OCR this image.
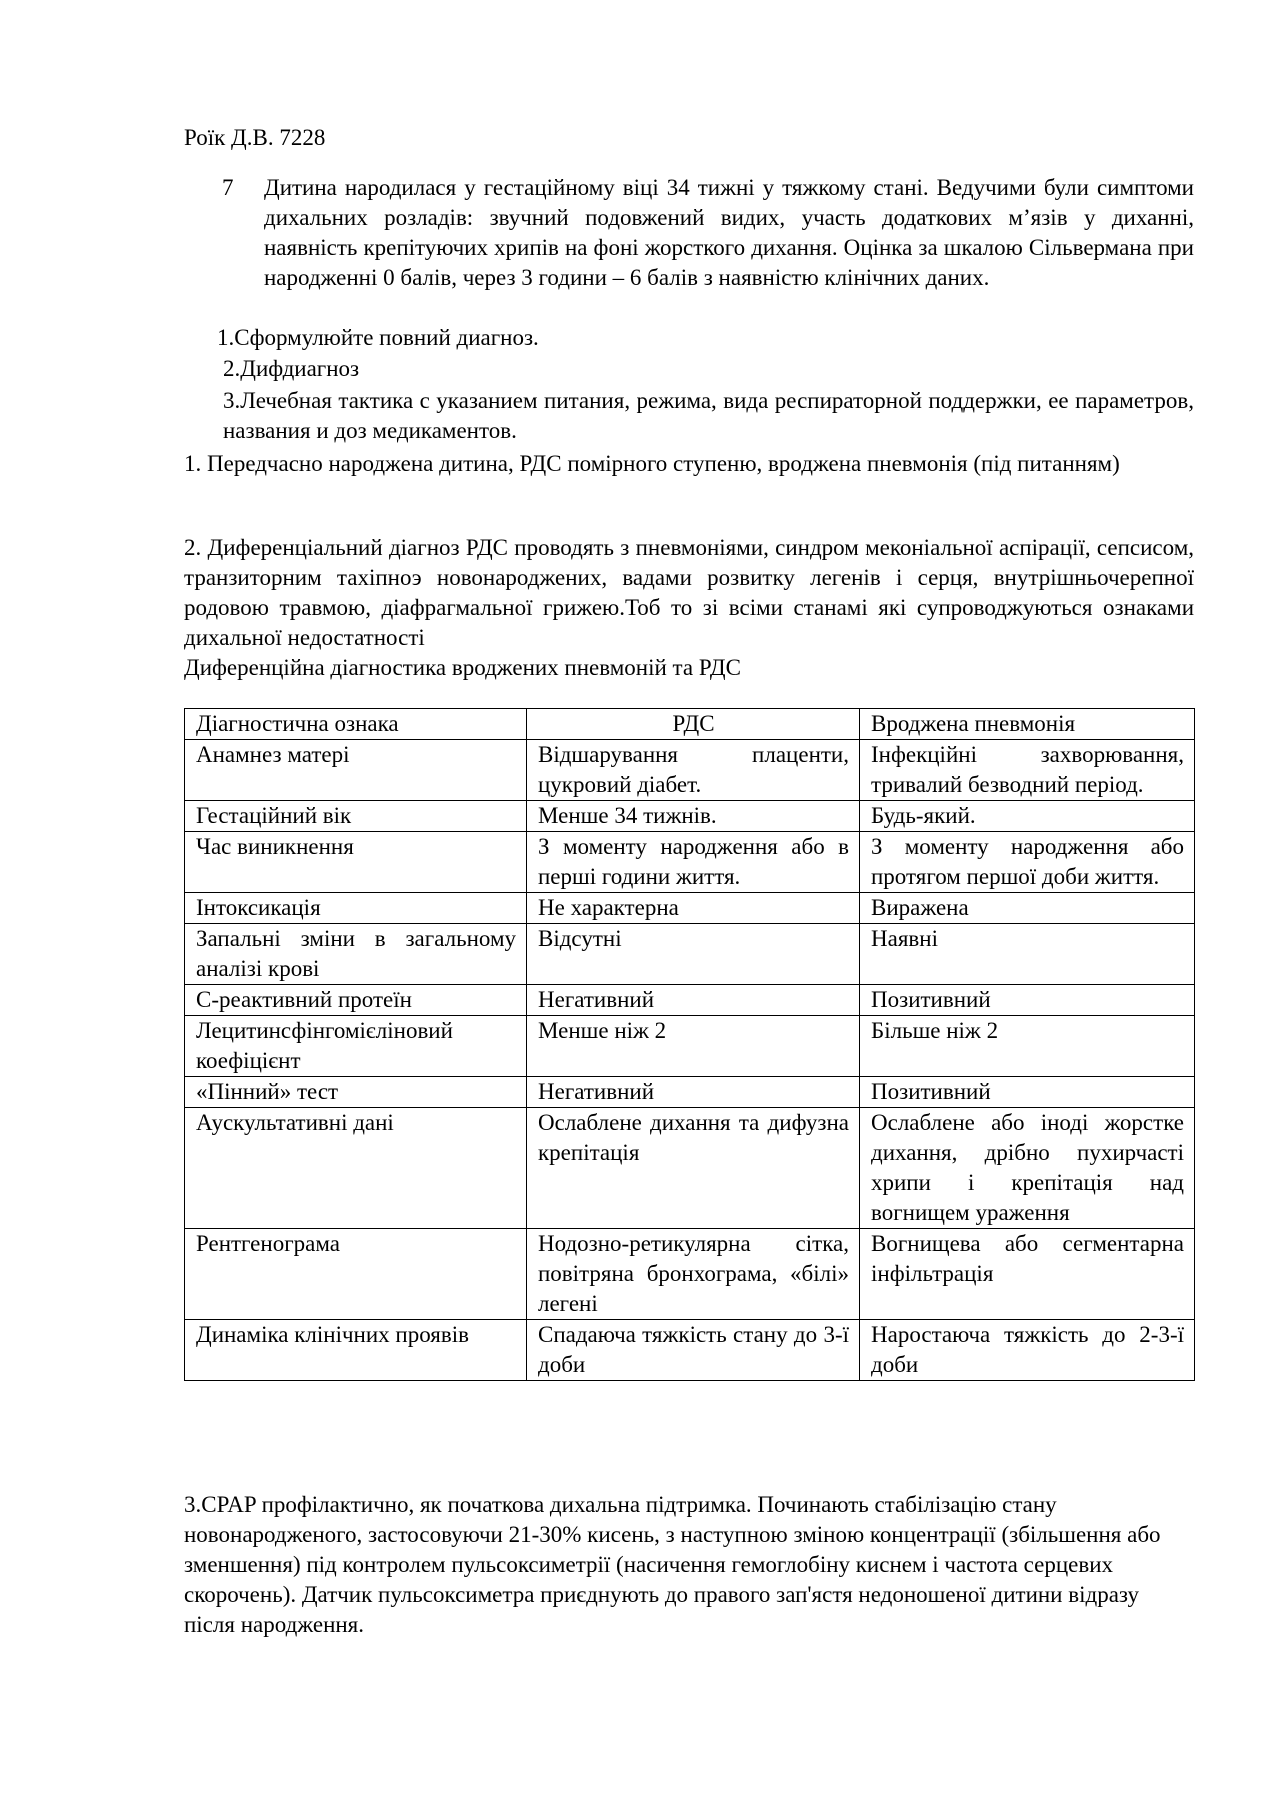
Роїк Д.В. 7228
7 Дитина народилася у гестаційному віці 34 тижні у тяжкому стані. Ведучими були симптоми дихальних розладів: звучний подовжений видих, участь додаткових м’язів у диханні, наявність крепітуючих хрипів на фоні жорсткого дихання. Оцінка за шкалою Сільвермана при народженні 0 балів, через 3 години – 6 балів з наявністю клінічних даних.
1.Сформулюйте повний диагноз.
2.Дифдиагноз
3.Лечебная тактика с указанием питания, режима, вида респираторной поддержки, ее параметров, названия и доз медикаментов.
1. Передчасно народжена дитина, РДС помірного ступеню, вроджена пневмонія (під питанням)
2. Диференціальний діагноз РДС проводять з пневмоніями, синдром меконіальної аспірації, сепсисом, транзиторним тахіпноэ новонароджених, вадами розвитку легенів і серця, внутрішньочерепної родовою травмою, діафрагмальної грижею.Тоб то зі всіми станамі які супроводжуються ознаками дихальної недостатності
Диференційна діагностика вроджених пневмоній та РДС
Діагностична ознака	РДС	Вроджена пневмонія
Анамнез матері	Відшарування плаценти, цукровий діабет.	Інфекційні захворювання, тривалий безводний період.
Гестаційний вік	Менше 34 тижнів.	Будь-який.
Час виникнення	З моменту народження або в перші години життя.	З моменту народження або протягом першої доби життя.
Інтоксикація	Не характерна	Виражена
Запальні зміни в загальному аналізі крові	Відсутні	Наявні
С-реактивний протеїн	Негативний	Позитивний
Лецитинсфінгомієліновий коефіцієнт	Менше ніж 2	Більше ніж 2
«Пінний» тест	Негативний	Позитивний
Аускультативні дані	Ослаблене дихання та дифузна крепітація	Ослаблене або іноді жорстке дихання, дрібно пухирчасті хрипи і крепітація над вогнищем ураження
Рентгенограма	Нодозно-ретикулярна сітка, повітряна бронхограма, «білі» легені	Вогнищева або сегментарна інфільтрація
Динаміка клінічних проявів	Спадаюча тяжкість стану до 3-ї доби	Наростаюча тяжкість до 2-3-ї доби
3.CPAP профілактично, як початкова дихальна підтримка. Починають стабілізацію стану новонародженого, застосовуючи 21-30% кисень, з наступною зміною концентрації (збільшення або зменшення) під контролем пульсоксиметрії (насичення гемоглобіну киснем і частота серцевих скорочень). Датчик пульсоксиметра приєднують до правого зап'ястя недоношеної дитини відразу після народження.
